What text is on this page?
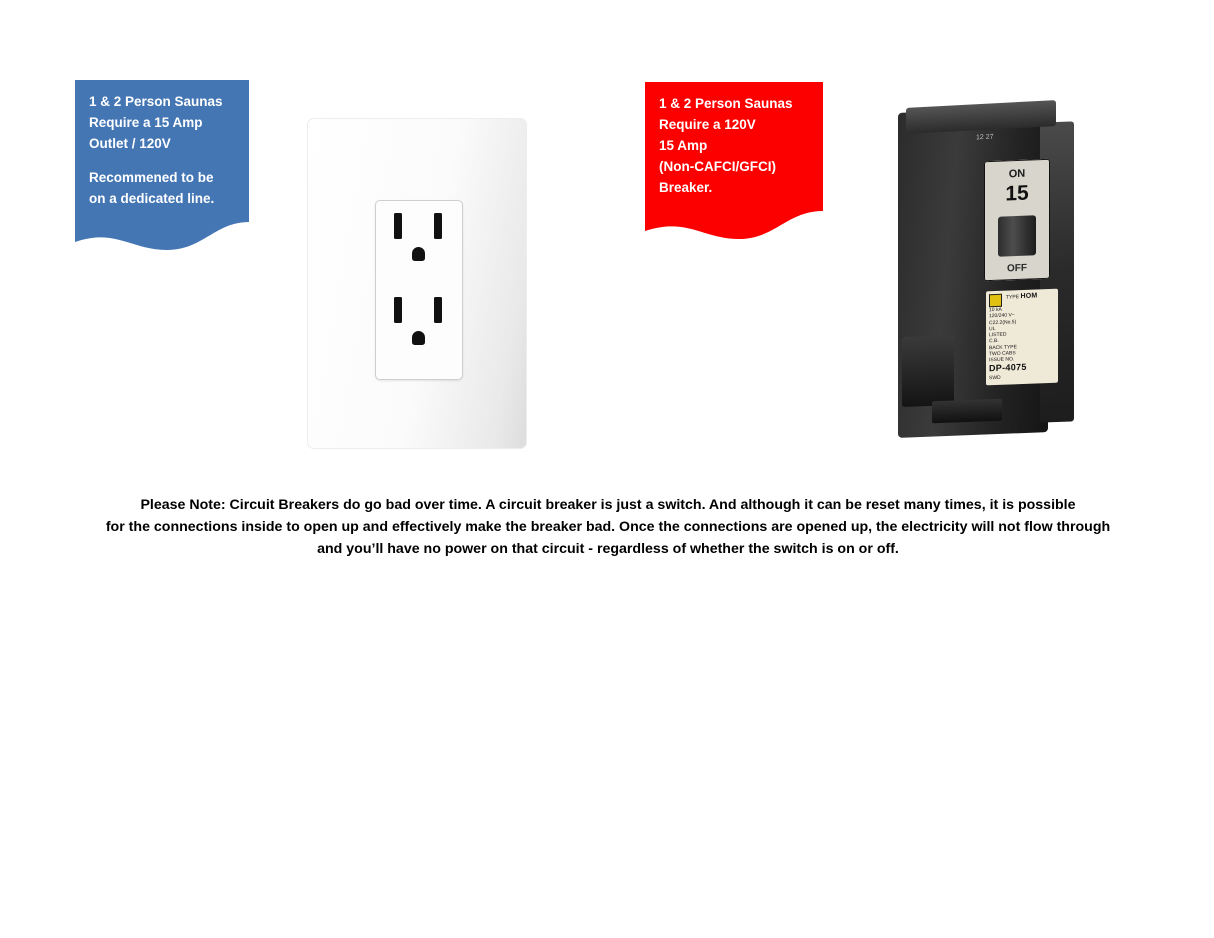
1 & 2 Person Saunas
Require a 15 Amp
Outlet / 120V
Recommened to be
on a dedicated line.
1 & 2 Person Saunas
Require a 120V
15 Amp
(Non-CAFCI/GFCI)
Breaker.
12 27
ON
15
OFF
TYPE HOM
10 kA
120/240 V~
C22.2(No.5)
UL
LISTED
C.B.
BACK TYPE
TWO CABS
ISSUE NO.
DP-4075
SWD
Please Note: Circuit Breakers do go bad over time. A circuit breaker is just a switch. And although it can be reset many times, it is possible
for the connections inside to open up and effectively make the breaker bad. Once the connections are opened up, the electricity will not flow through
and you’ll have no power on that circuit - regardless of whether the switch is on or off.
